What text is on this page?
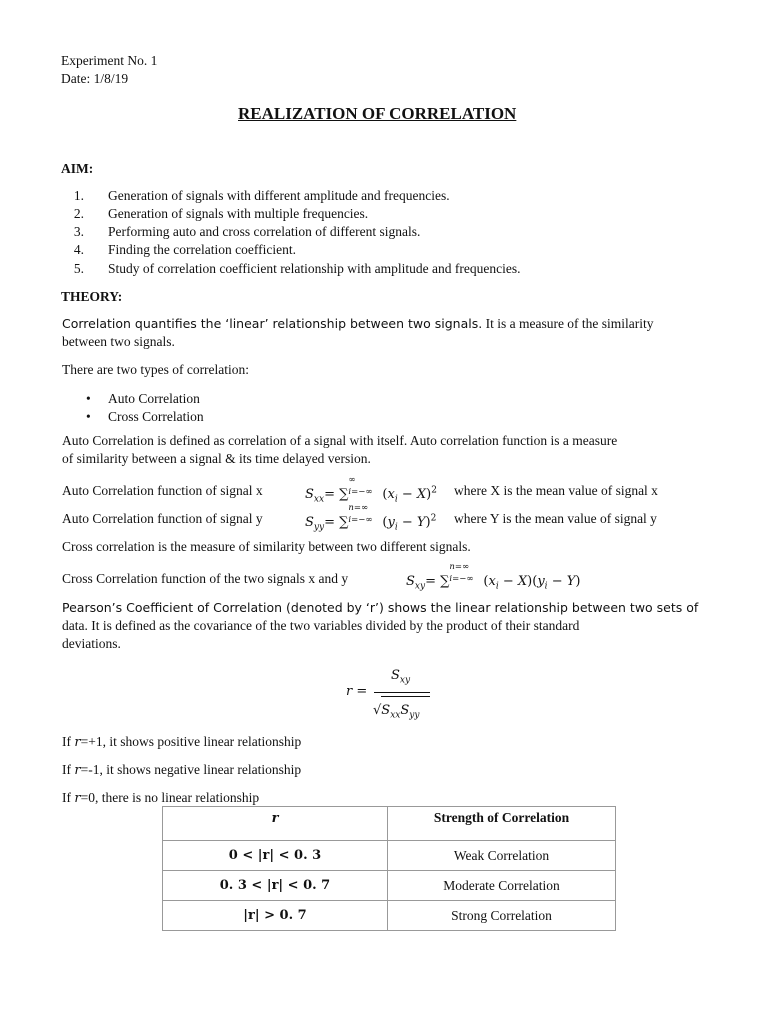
Experiment No. 1
Date: 1/8/19
REALIZATION OF CORRELATION
AIM:
1. Generation of signals with different amplitude and frequencies.
2. Generation of signals with multiple frequencies.
3. Performing auto and cross correlation of different signals.
4. Finding the correlation coefficient.
5. Study of correlation coefficient relationship with amplitude and frequencies.
THEORY:
Correlation quantifies the ‘linear’ relationship between two signals. It is a measure of the similarity
between two signals.
There are two types of correlation:
• Auto Correlation
• Cross Correlation
Auto Correlation is defined as correlation of a signal with itself. Auto correlation function is a measure
of similarity between a signal & its time delayed version.
Auto Correlation function of signal x	$S_{xx}=$ ∑
∞
i=−∞ $(x_i - X)^2$ where X is the mean value of signal x
Auto Correlation function of signal y	$S_{yy}=$ ∑
n=∞
i=−∞ $(y_i - Y)^2$ where Y is the mean value of signal y
Cross correlation is the measure of similarity between two different signals.
Cross Correlation function of the two signals x and y	$S_{xy}=$ ∑
n=∞
i=−∞ $(x_i - X)(y_i - Y)$
Pearson’s Coefficient of Correlation (denoted by ‘r’) shows the linear relationship between two sets of
data. It is defined as the covariance of the two variables divided by the product of their standard
deviations.
r =
$S_{xy}$
$√S_{xx}S_{yy}$
If r=+1, it shows positive linear relationship
If r=-1, it shows negative linear relationship
If r=0, there is no linear relationship
r	Strength of Correlation
0 < |r| < 0. 3	Weak Correlation
0. 3 < |r| < 0. 7	Moderate Correlation
|r| > 0. 7	Strong Correlation
